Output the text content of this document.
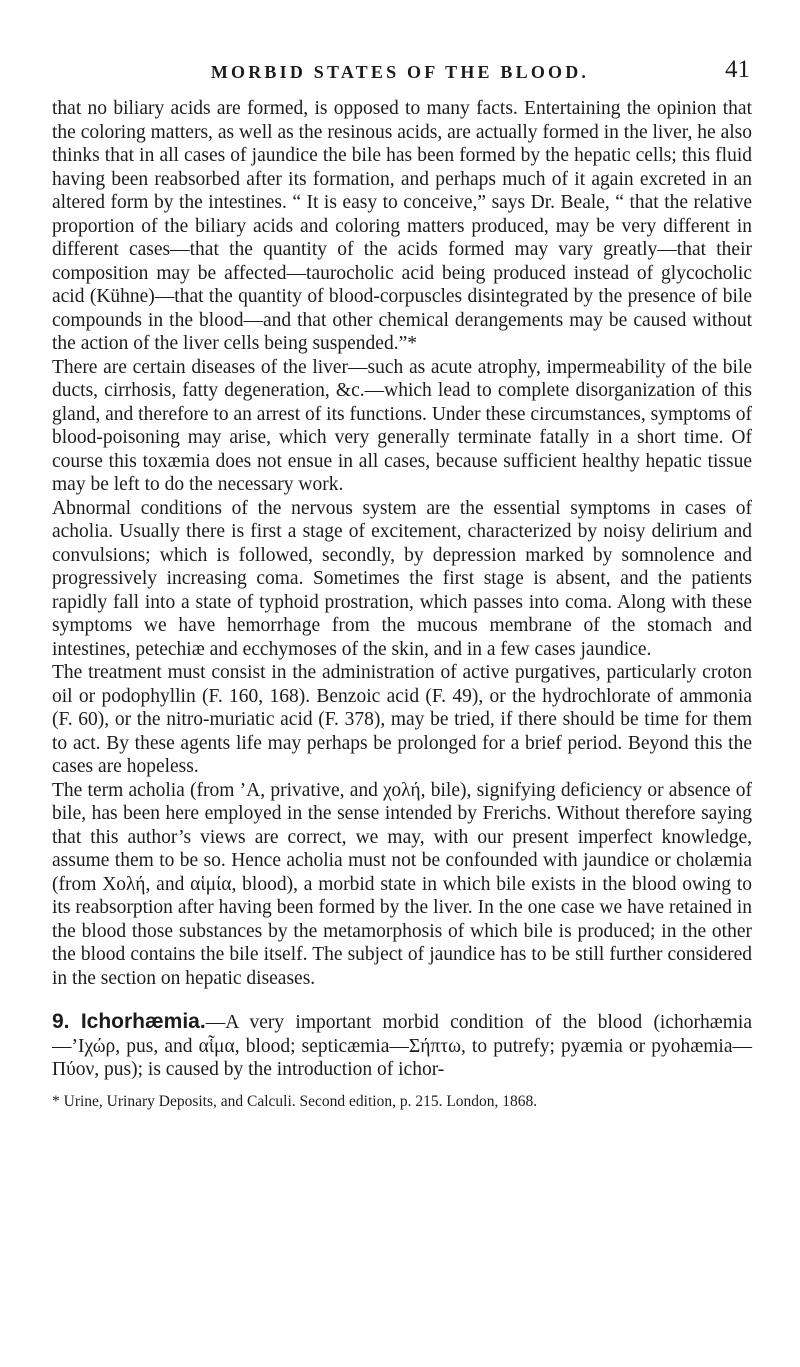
MORBID STATES OF THE BLOOD.	41

that no biliary acids are formed, is opposed to many facts. Entertaining the opinion that the coloring matters, as well as the resinous acids, are actually formed in the liver, he also thinks that in all cases of jaundice the bile has been formed by the hepatic cells; this fluid having been reabsorbed after its formation, and perhaps much of it again excreted in an altered form by the intestines. “ It is easy to conceive,” says Dr. Beale, “ that the relative proportion of the biliary acids and coloring matters produced, may be very different in different cases—that the quantity of the acids formed may vary greatly—that their composition may be affected—taurocholic acid being produced instead of glycocholic acid (Kühne)—that the quantity of blood-corpuscles disintegrated by the presence of bile compounds in the blood—and that other chemical derangements may be caused without the action of the liver cells being suspended.”*

There are certain diseases of the liver—such as acute atrophy, impermeability of the bile ducts, cirrhosis, fatty degeneration, &c.—which lead to complete disorganization of this gland, and therefore to an arrest of its functions. Under these circumstances, symptoms of blood-poisoning may arise, which very generally terminate fatally in a short time. Of course this toxæmia does not ensue in all cases, because sufficient healthy hepatic tissue may be left to do the necessary work.

Abnormal conditions of the nervous system are the essential symptoms in cases of acholia. Usually there is first a stage of excitement, characterized by noisy delirium and convulsions; which is followed, secondly, by depression marked by somnolence and progressively increasing coma. Sometimes the first stage is absent, and the patients rapidly fall into a state of typhoid prostration, which passes into coma. Along with these symptoms we have hemorrhage from the mucous membrane of the stomach and intestines, petechiæ and ecchymoses of the skin, and in a few cases jaundice.

The treatment must consist in the administration of active purgatives, particularly croton oil or podophyllin (F. 160, 168). Benzoic acid (F. 49), or the hydrochlorate of ammonia (F. 60), or the nitro-muriatic acid (F. 378), may be tried, if there should be time for them to act. By these agents life may perhaps be prolonged for a brief period. Beyond this the cases are hopeless.

The term acholia (from ’Α, privative, and χολή, bile), signifying deficiency or absence of bile, has been here employed in the sense intended by Frerichs. Without therefore saying that this author’s views are correct, we may, with our present imperfect knowledge, assume them to be so. Hence acholia must not be confounded with jaundice or cholæmia (from Χολή, and αἱμία, blood), a morbid state in which bile exists in the blood owing to its reabsorption after having been formed by the liver. In the one case we have retained in the blood those substances by the metamorphosis of which bile is produced; in the other the blood contains the bile itself. The subject of jaundice has to be still further considered in the section on hepatic diseases.

9. Ichorhæmia.—A very important morbid condition of the blood (ichorhæmia—’Ιχώρ, pus, and αἷμα, blood; septicæmia—Σήπτω, to putrefy; pyæmia or pyohæmia—Πύον, pus); is caused by the introduction of ichor-

* Urine, Urinary Deposits, and Calculi. Second edition, p. 215. London, 1868.
